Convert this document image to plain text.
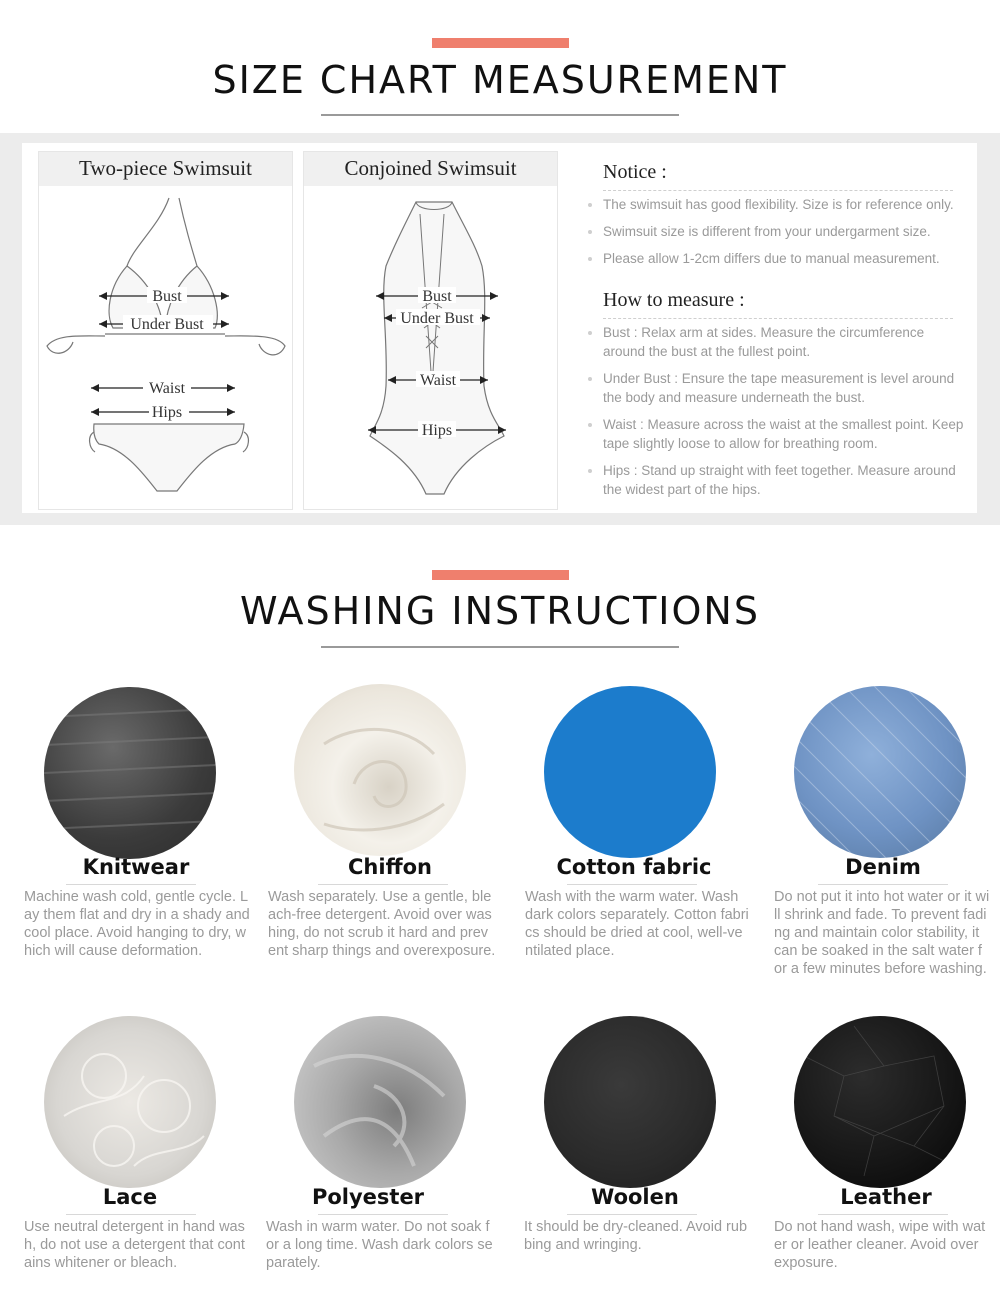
SIZE CHART MEASUREMENT
Two-piece Swimsuit
Bust
Under Bust
Waist
Hips
Conjoined Swimsuit
Bust
Under Bust
Waist
Hips
Notice :
The swimsuit has good flexibility. Size is for reference only.
Swimsuit size is different from your undergarment size.
Please allow 1-2cm differs due to manual measurement.
How to measure :
Bust : Relax arm at sides. Measure the circumference around the bust at the fullest point.
Under Bust : Ensure the tape measurement is level around the body and measure underneath the bust.
Waist : Measure across the waist at the smallest point. Keep tape slightly loose to allow for breathing room.
Hips : Stand up straight with feet together. Measure around the widest part of the hips.
WASHING INSTRUCTIONS
Knitwear	Chiffon	Cotton fabric	Denim
Machine wash cold, gentle cycle. Lay them flat and dry in a shady and cool place. Avoid hanging to dry, which will cause deformation.
Wash separately. Use a gentle, bleach-free detergent. Avoid over washing, do not scrub it hard and prevent sharp things and overexposure.
Wash with the warm water. Wash dark colors separately. Cotton fabrics should be dried at cool, well-ventilated place.
Do not put it into hot water or it will shrink and fade. To prevent fading and maintain color stability, it can be soaked in the salt water for a few minutes before washing.
Lace	Polyester	Woolen	Leather
Use neutral detergent in hand wash, do not use a detergent that contains whitener or bleach.
Wash in warm water. Do not soak for a long time. Wash dark colors separately.
It should be dry-cleaned. Avoid rubbing and wringing.
Do not hand wash, wipe with water or leather cleaner. Avoid over exposure.
